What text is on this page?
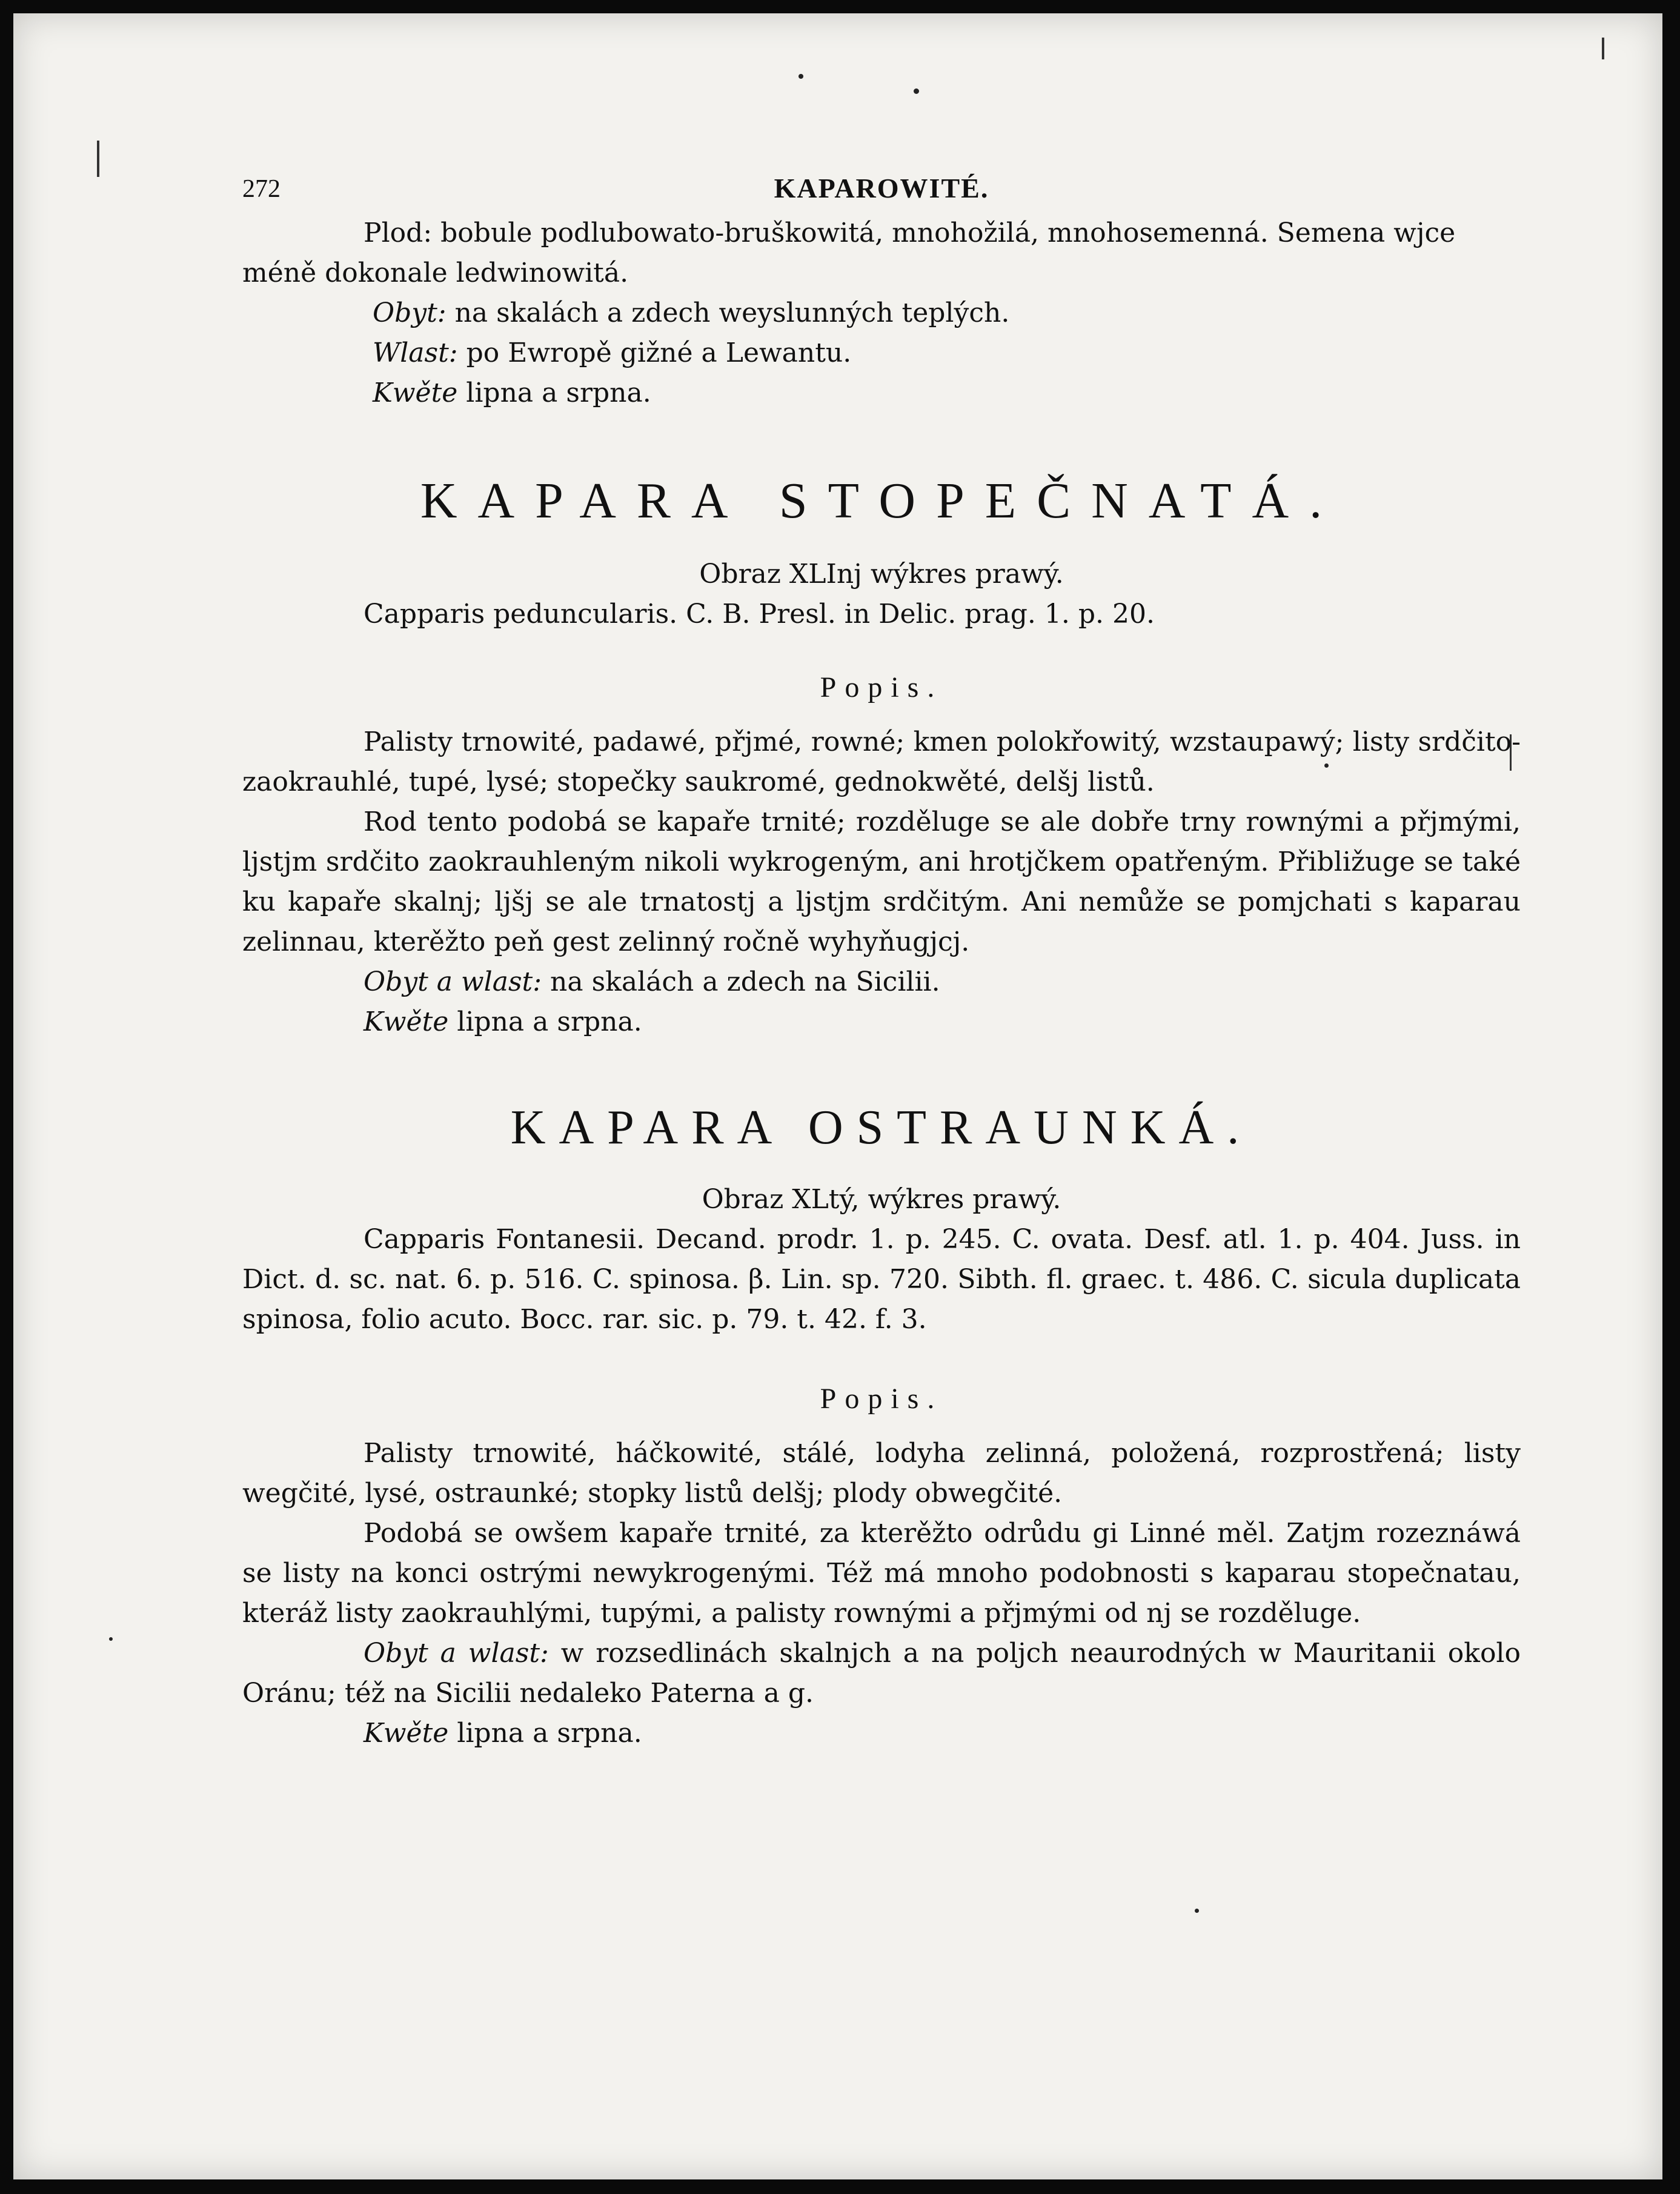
272	KAPAROWITÉ.

Plod: bobule podlubowato-bruškowitá, mnohožilá, mnohosemenná. Semena wjce

méně dokonale ledwinowitá.

Obyt: na skalách a zdech weyslunných teplých.

Wlast: po Ewropě gižné a Lewantu.

Kwěte lipna a srpna.

KAPARA STOPEČNATÁ.

Obraz XLInj wýkres prawý.

Capparis peduncularis. C. B. Presl. in Delic. prag. 1. p. 20.

Popis.

Palisty trnowité, padawé, přjmé, rowné; kmen polokřowitý, wzstaupawý; listy srdčito-zaokrauhlé, tupé, lysé; stopečky saukromé, gednokwěté, delšj listů.

Rod tento podobá se kapaře trnité; rozděluge se ale dobře trny rownými a přjmými, ljstjm srdčito zaokrauhleným nikoli wykrogeným, ani hrotjčkem opatřeným. Přibližuge se také ku kapaře skalnj; ljšj se ale trnatostj a ljstjm srdčitým. Ani nemůže se pomjchati s kaparau zelinnau, kterěžto peň gest zelinný ročně wyhyňugjcj.

Obyt a wlast: na skalách a zdech na Sicilii.

Kwěte lipna a srpna.

KAPARA OSTRAUNKÁ.

Obraz XLtý, wýkres prawý.

Capparis Fontanesii. Decand. prodr. 1. p. 245. C. ovata. Desf. atl. 1. p. 404. Juss. in Dict. d. sc. nat. 6. p. 516. C. spinosa. β. Lin. sp. 720. Sibth. fl. graec. t. 486. C. sicula duplicata spinosa, folio acuto. Bocc. rar. sic. p. 79. t. 42. f. 3.

Popis.

Palisty trnowité, háčkowité, stálé, lodyha zelinná, položená, rozprostřená; listy wegčité, lysé, ostraunké; stopky listů delšj; plody obwegčité.

Podobá se owšem kapaře trnité, za kterěžto odrůdu gi Linné měl. Zatjm rozeznáwá se listy na konci ostrými newykrogenými. Též má mnoho podobnosti s kaparau stopečnatau, kteráž listy zaokrauhlými, tupými, a palisty rownými a přjmými od nj se rozděluge.

Obyt a wlast: w rozsedlinách skalnjch a na poljch neaurodných w Mauritanii okolo Oránu; též na Sicilii nedaleko Paterna a g.

Kwěte lipna a srpna.
